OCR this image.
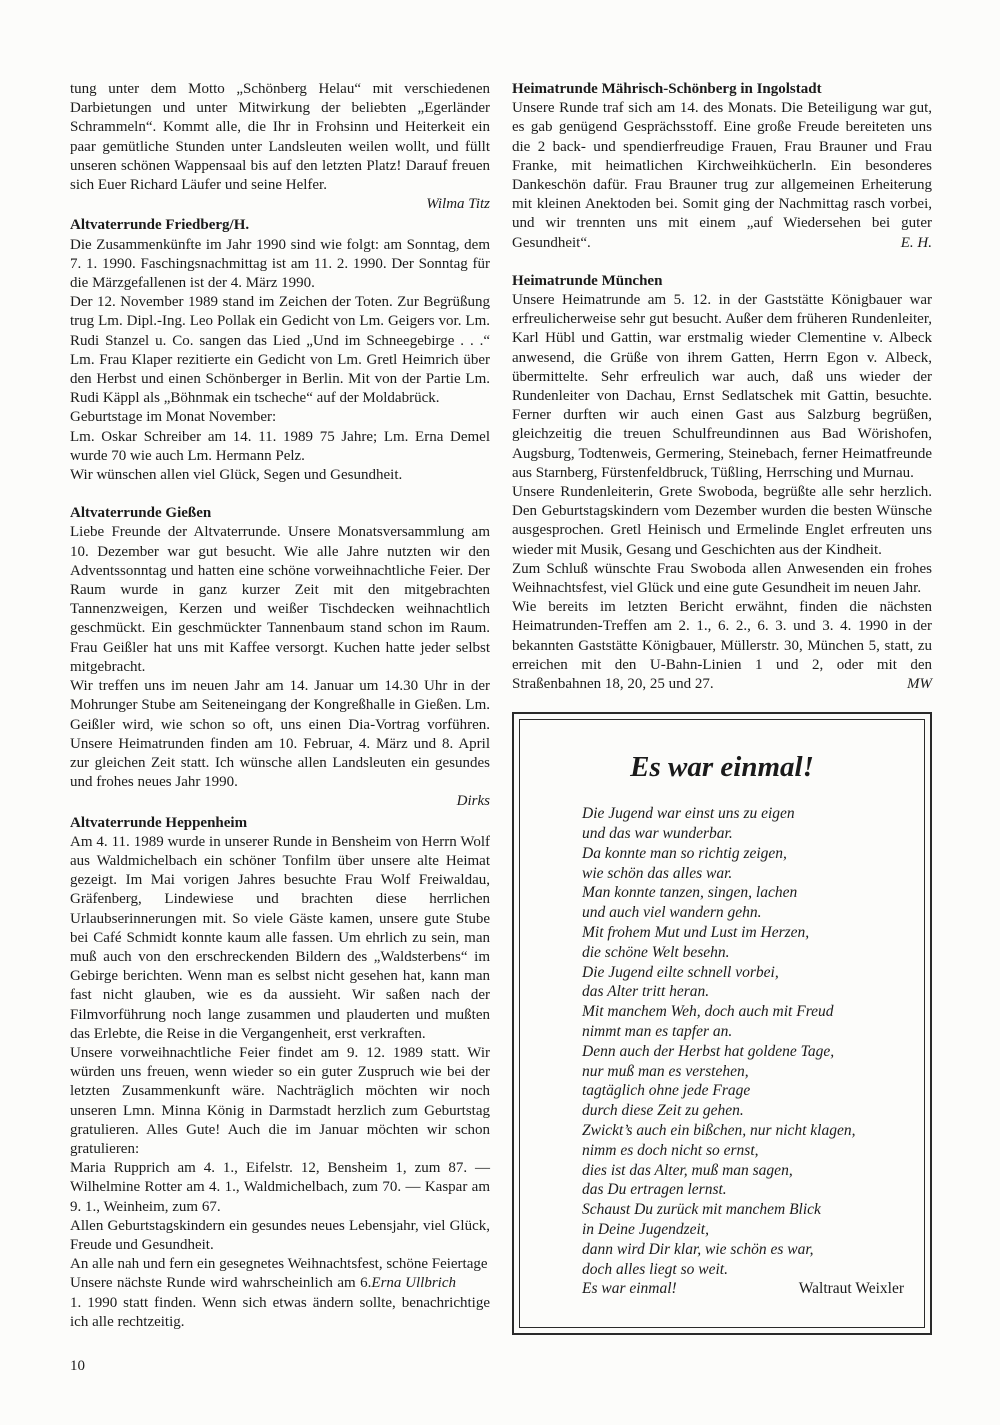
tung unter dem Motto „Schönberg Helau“ mit verschiedenen Darbietungen und unter Mitwirkung der beliebten „Egerländer Schrammeln“. Kommt alle, die Ihr in Frohsinn und Heiterkeit ein paar gemütliche Stunden unter Landsleuten weilen wollt, und füllt unseren schönen Wappensaal bis auf den letzten Platz! Darauf freuen sich Euer Richard Läufer und seine Helfer.

Wilma Titz
Altvaterrunde Friedberg/H.

Die Zusammenkünfte im Jahr 1990 sind wie folgt: am Sonntag, dem 7. 1. 1990. Faschingsnachmittag ist am 11. 2. 1990. Der Sonntag für die Märzgefallenen ist der 4. März 1990.

Der 12. November 1989 stand im Zeichen der Toten. Zur Begrüßung trug Lm. Dipl.-Ing. Leo Pollak ein Gedicht von Lm. Geigers vor. Lm. Rudi Stanzel u. Co. sangen das Lied „Und im Schneegebirge . . .“ Lm. Frau Klaper rezitierte ein Gedicht von Lm. Gretl Heimrich über den Herbst und einen Schönberger in Berlin. Mit von der Partie Lm. Rudi Käppl als „Böhnmak ein tscheche“ auf der Moldabrück.

Geburtstage im Monat November:

Lm. Oskar Schreiber am 14. 11. 1989 75 Jahre; Lm. Erna Demel wurde 70 wie auch Lm. Hermann Pelz.

Wir wünschen allen viel Glück, Segen und Gesundheit.

Altvaterrunde Gießen

Liebe Freunde der Altvaterrunde. Unsere Monatsversammlung am 10. Dezember war gut besucht. Wie alle Jahre nutzten wir den Adventssonntag und hatten eine schöne vorweihnachtliche Feier. Der Raum wurde in ganz kurzer Zeit mit den mitgebrachten Tannenzweigen, Kerzen und weißer Tischdecken weihnachtlich geschmückt. Ein geschmückter Tannenbaum stand schon im Raum. Frau Geißler hat uns mit Kaffee versorgt. Kuchen hatte jeder selbst mitgebracht.

Wir treffen uns im neuen Jahr am 14. Januar um 14.30 Uhr in der Mohrunger Stube am Seiteneingang der Kongreßhalle in Gießen. Lm. Geißler wird, wie schon so oft, uns einen Dia-Vortrag vorführen. Unsere Heimatrunden finden am 10. Februar, 4. März und 8. April zur gleichen Zeit statt. Ich wünsche allen Landsleuten ein gesundes und frohes neues Jahr 1990.

Dirks
Altvaterrunde Heppenheim

Am 4. 11. 1989 wurde in unserer Runde in Bensheim von Herrn Wolf aus Waldmichelbach ein schöner Tonfilm über unsere alte Heimat gezeigt. Im Mai vorigen Jahres besuchte Frau Wolf Freiwaldau, Gräfenberg, Lindewiese und brachten diese herrlichen Urlaubserinnerungen mit. So viele Gäste kamen, unsere gute Stube bei Café Schmidt konnte kaum alle fassen. Um ehrlich zu sein, man muß auch von den erschreckenden Bildern des „Waldsterbens“ im Gebirge berichten. Wenn man es selbst nicht gesehen hat, kann man fast nicht glauben, wie es da aussieht. Wir saßen nach der Filmvorführung noch lange zusammen und plauderten und mußten das Erlebte, die Reise in die Vergangenheit, erst verkraften.

Unsere vorweihnachtliche Feier findet am 9. 12. 1989 statt. Wir würden uns freuen, wenn wieder so ein guter Zuspruch wie bei der letzten Zusammenkunft wäre. Nachträglich möchten wir noch unseren Lmn. Minna König in Darmstadt herzlich zum Geburtstag gratulieren. Alles Gute! Auch die im Januar möchten wir schon gratulieren:

Maria Rupprich am 4. 1., Eifelstr. 12, Bensheim 1, zum 87. — Wilhelmine Rotter am 4. 1., Waldmichelbach, zum 70. — Kaspar am 9. 1., Weinheim, zum 67.

Allen Geburtstagskindern ein gesundes neues Lebensjahr, viel Glück, Freude und Gesundheit.

An alle nah und fern ein gesegnetes Weihnachtsfest, schöne Feiertage
Erna Ullbrich

Unsere nächste Runde wird wahrscheinlich am 6. 1. 1990 statt finden. Wenn sich etwas ändern sollte, benachrichtige ich alle rechtzeitig.

Heimatrunde Mährisch-Schönberg in Ingolstadt

Unsere Runde traf sich am 14. des Monats. Die Beteiligung war gut, es gab genügend Gesprächsstoff. Eine große Freude bereiteten uns die 2 back- und spendierfreudige Frauen, Frau Brauner und Frau Franke, mit heimatlichen Kirchweihkücherln. Ein besonderes Dankeschön dafür. Frau Brauner trug zur allgemeinen Erheiterung mit kleinen Anektoden bei. Somit ging der Nachmittag rasch vorbei, und wir trennten uns mit einem „auf Wiedersehen bei guter Gesundheit“.	E. H.

Heimatrunde München

Unsere Heimatrunde am 5. 12. in der Gaststätte Königbauer war erfreulicherweise sehr gut besucht. Außer dem früheren Rundenleiter, Karl Hübl und Gattin, war erstmalig wieder Clementine v. Albeck anwesend, die Grüße von ihrem Gatten, Herrn Egon v. Albeck, übermittelte. Sehr erfreulich war auch, daß uns wieder der Rundenleiter von Dachau, Ernst Sedlatschek mit Gattin, besuchte. Ferner durften wir auch einen Gast aus Salzburg begrüßen, gleichzeitig die treuen Schulfreundinnen aus Bad Wörishofen, Augsburg, Todtenweis, Germering, Steinebach, ferner Heimatfreunde aus Starnberg, Fürstenfeldbruck, Tüßling, Herrsching und Murnau.

Unsere Rundenleiterin, Grete Swoboda, begrüßte alle sehr herzlich. Den Geburtstagskindern vom Dezember wurden die besten Wünsche ausgesprochen. Gretl Heinisch und Ermelinde Englet erfreuten uns wieder mit Musik, Gesang und Geschichten aus der Kindheit.

Zum Schluß wünschte Frau Swoboda allen Anwesenden ein frohes Weihnachtsfest, viel Glück und eine gute Gesundheit im neuen Jahr.

Wie bereits im letzten Bericht erwähnt, finden die nächsten Heimatrunden-Treffen am 2. 1., 6. 2., 6. 3. und 3. 4. 1990 in der bekannten Gaststätte Königbauer, Müllerstr. 30, München 5, statt, zu erreichen mit den U-Bahn-Linien 1 und 2, oder mit den Straßenbahnen 18, 20, 25 und 27.	MW

Es war einmal!
Die Jugend war einst uns zu eigen
und das war wunderbar.
Da konnte man so richtig zeigen,
wie schön das alles war.
Man konnte tanzen, singen, lachen
und auch viel wandern gehn.
Mit frohem Mut und Lust im Herzen,
die schöne Welt besehn.
Die Jugend eilte schnell vorbei,
das Alter tritt heran.
Mit manchem Weh, doch auch mit Freud
nimmt man es tapfer an.
Denn auch der Herbst hat goldene Tage,
nur muß man es verstehen,
tagtäglich ohne jede Frage
durch diese Zeit zu gehen.
Zwickt’s auch ein bißchen, nur nicht klagen,
nimm es doch nicht so ernst,
dies ist das Alter, muß man sagen,
das Du ertragen lernst.
Schaust Du zurück mit manchem Blick
in Deine Jugendzeit,
dann wird Dir klar, wie schön es war,
doch alles liegt so weit.
Es war einmal!	Waltraut Weixler
10
